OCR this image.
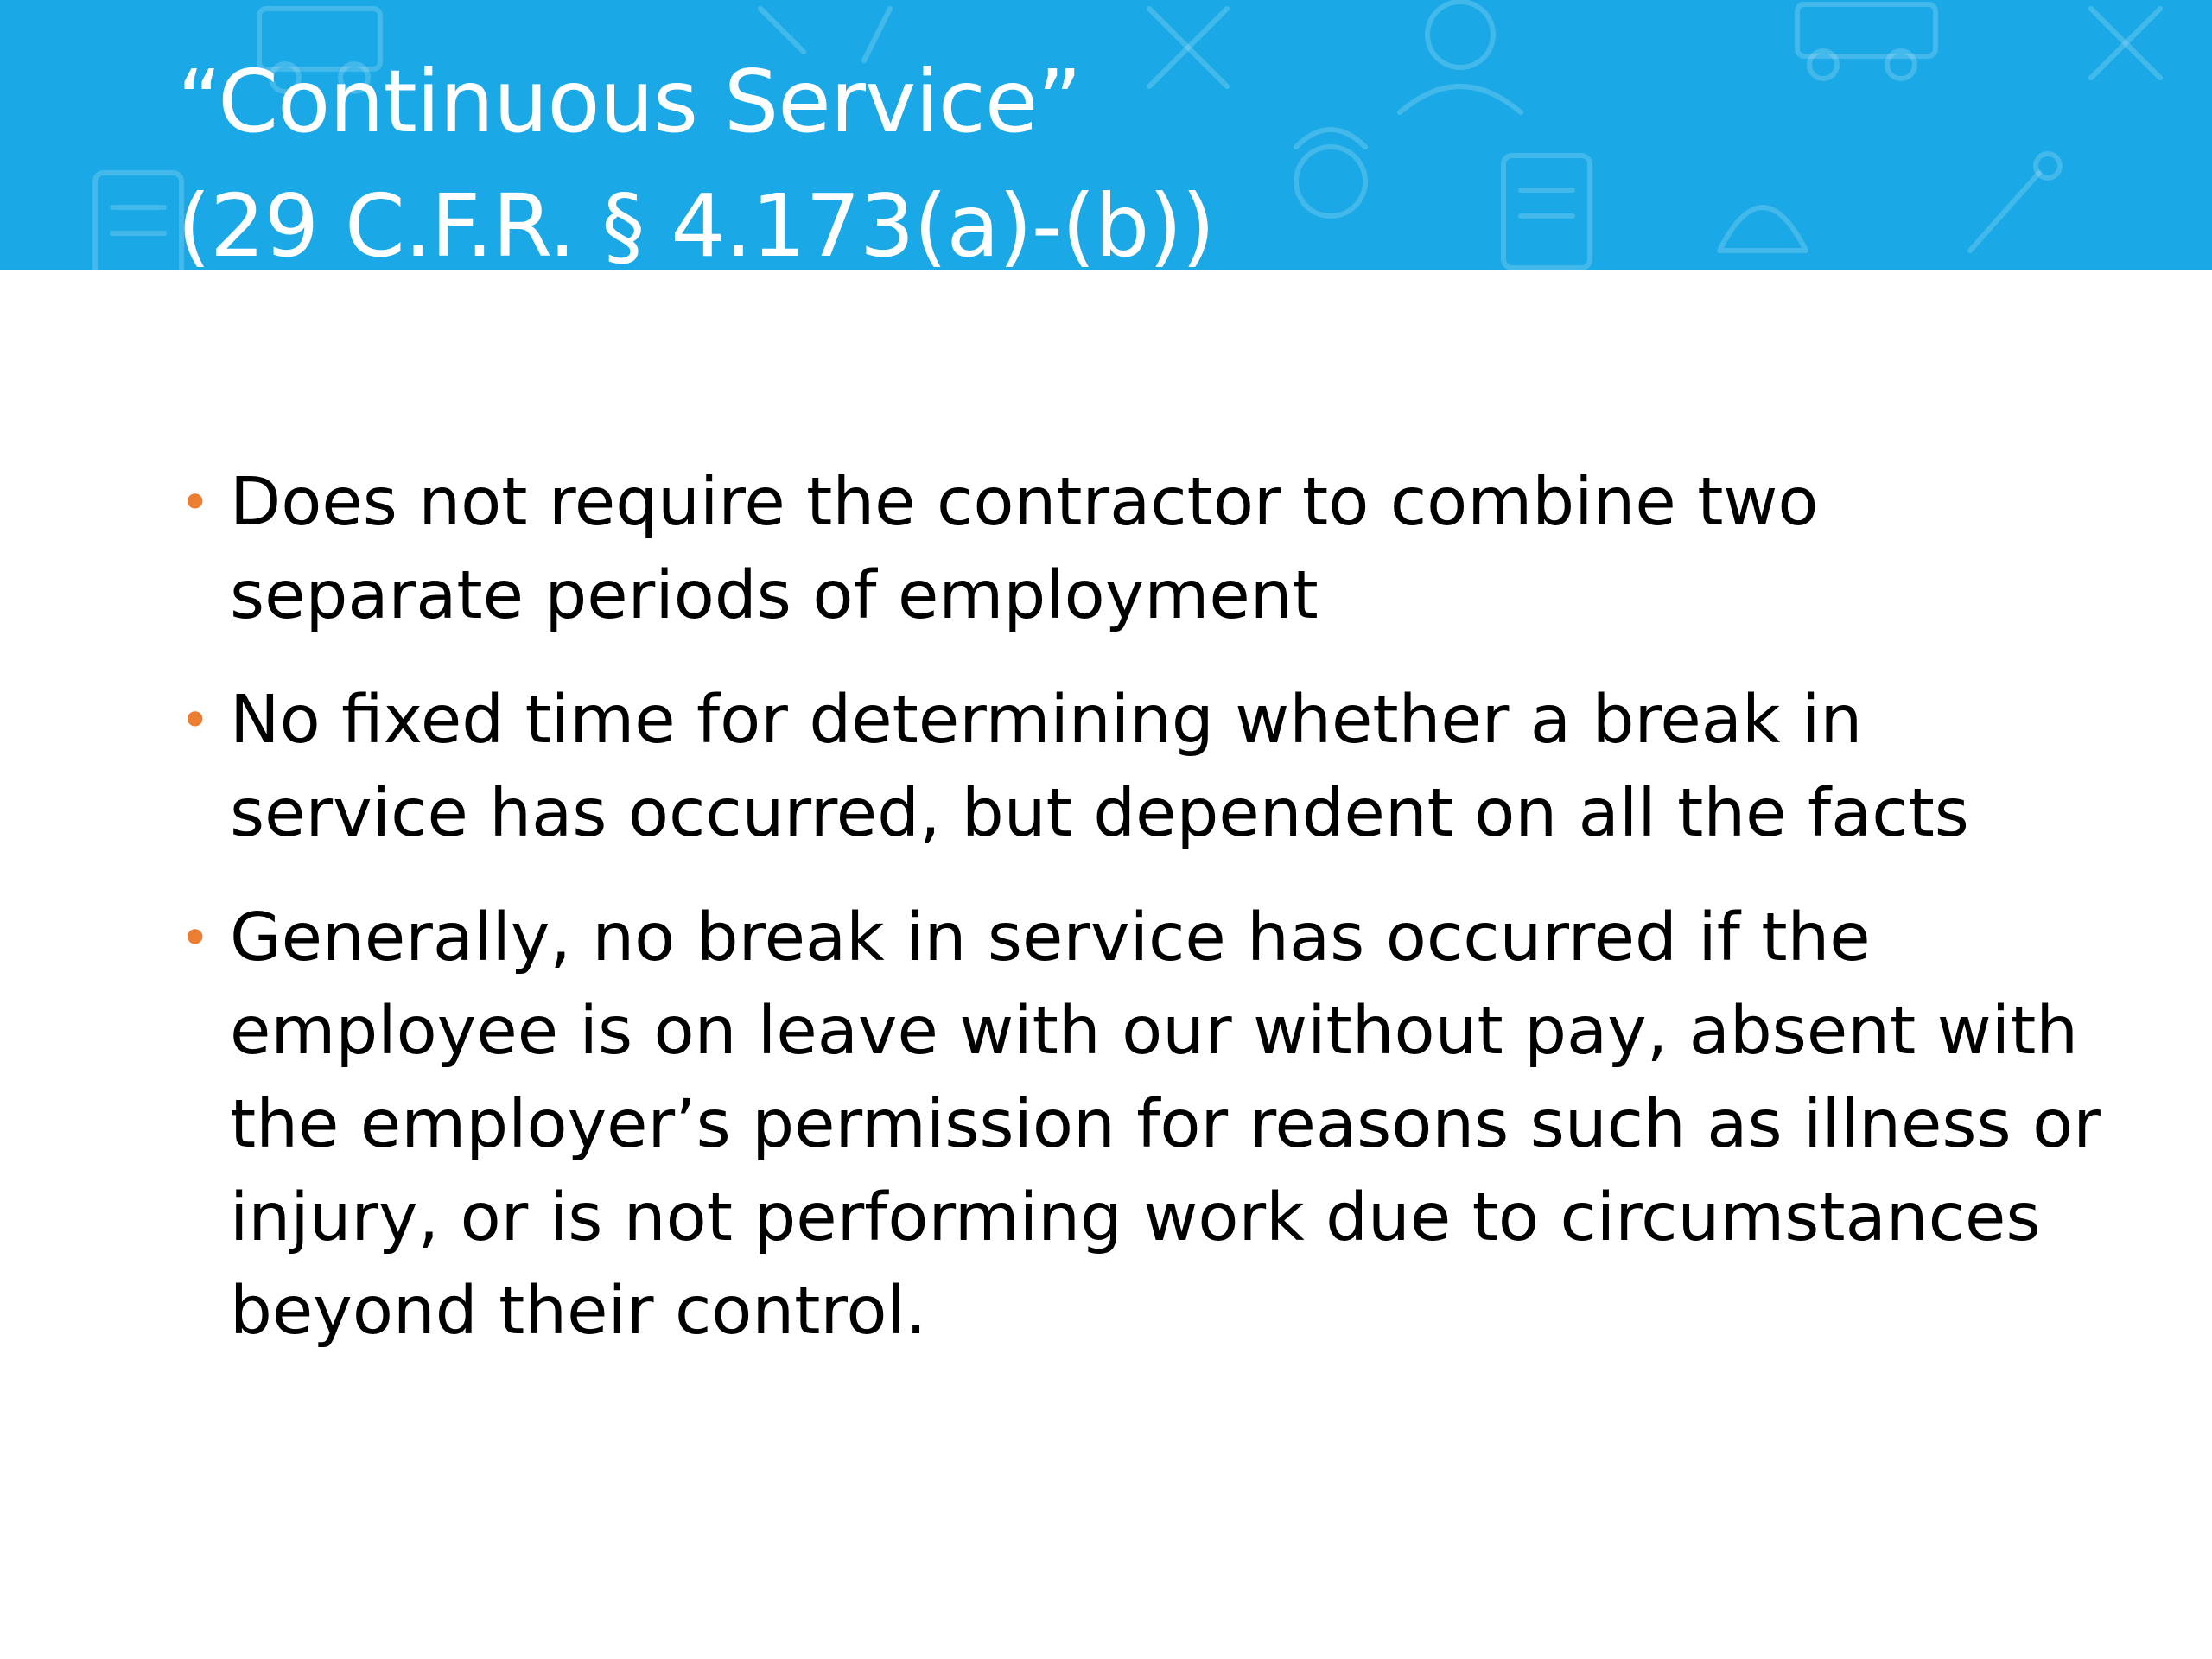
“Continuous Service”
(29 C.F.R. § 4.173(a)-(b))
• Does not require the contractor to combine two separate periods of employment
• No fixed time for determining whether a break in service has occurred, but dependent on all the facts
• Generally, no break in service has occurred if the employee is on leave with our without pay, absent with the employer’s permission for reasons such as illness or injury, or is not performing work due to circumstances beyond their control.
